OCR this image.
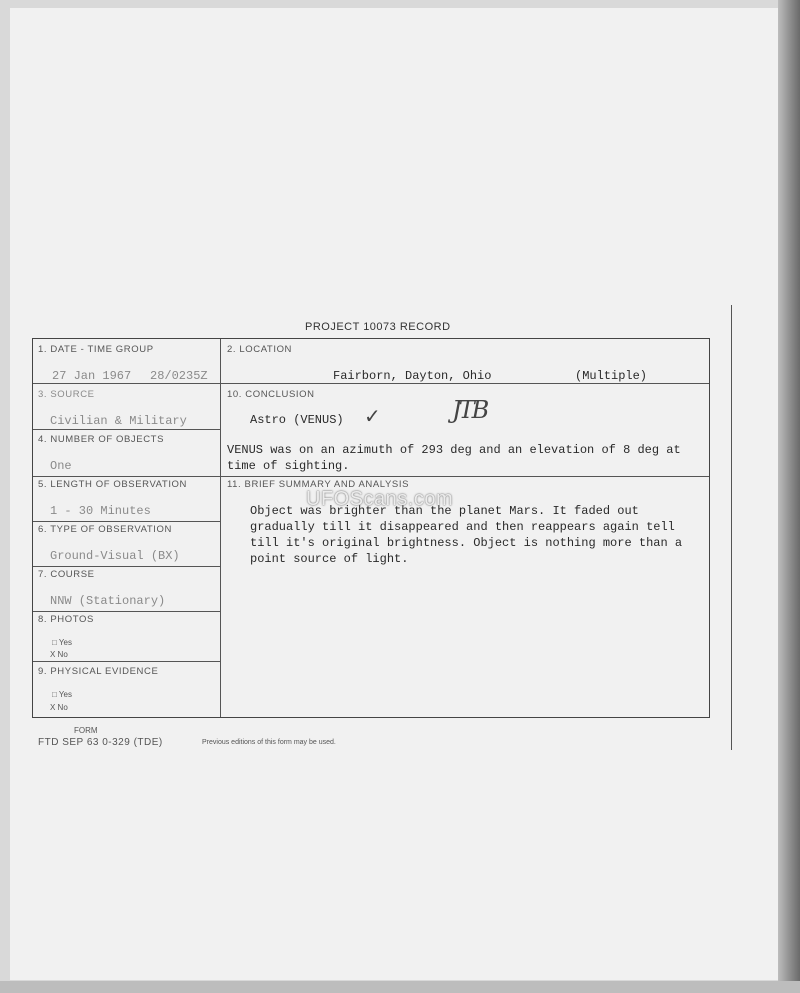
PROJECT 10073 RECORD
1. DATE - TIME GROUP
27 Jan 1967 28/0235Z
2. LOCATION
Fairborn, Dayton, Ohio	(Multiple)
3. SOURCE
Civilian & Military
10. CONCLUSION
Astro (VENUS) ✓	JTB
4. NUMBER OF OBJECTS
One
VENUS was on an azimuth of 293 deg and an elevation of 8 deg at
time of sighting.
5. LENGTH OF OBSERVATION
1 - 30 Minutes
11. BRIEF SUMMARY AND ANALYSIS
Object was brighter than the planet Mars. It faded out
gradually till it disappeared and then reappears again tell
till it's original brightness. Object is nothing more than a
point source of light.
UFOScans.com
6. TYPE OF OBSERVATION
Ground-Visual (BX)
7. COURSE
NNW (Stationary)
8. PHOTOS
□ Yes
X No
9. PHYSICAL EVIDENCE
□ Yes
X No
FORM
FTD SEP 63 0-329 (TDE)	Previous editions of this form may be used.
